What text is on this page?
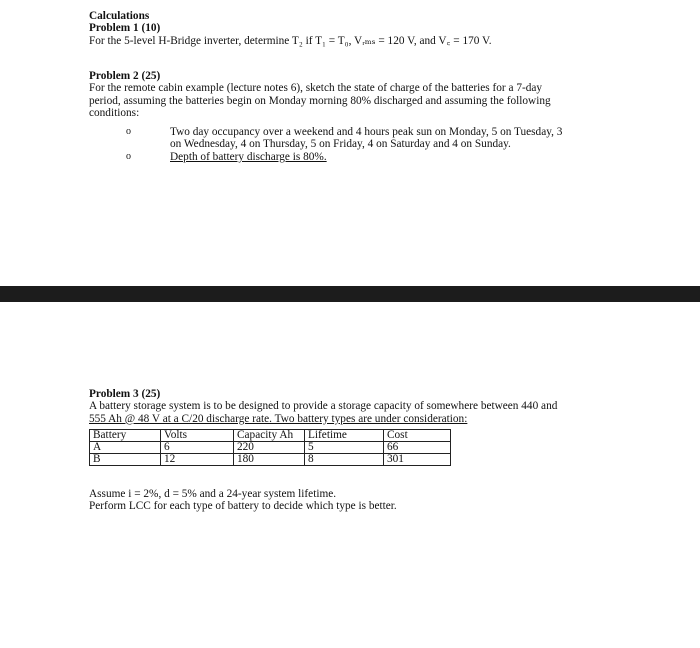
Calculations

Problem 1 (10)

For the 5-level H-Bridge inverter, determine T₂ if T₁ = T₀, Vᵣₘₛ = 120 V, and V꜀ = 170 V.

Problem 2 (25)

For the remote cabin example (lecture notes 6), sketch the state of charge of the batteries for a 7-day

period, assuming the batteries begin on Monday morning 80% discharged and assuming the following

conditions:

o	Two day occupancy over a weekend and 4 hours peak sun on Monday, 5 on Tuesday, 3

on Wednesday, 4 on Thursday, 5 on Friday, 4 on Saturday and 4 on Sunday.

o	Depth of battery discharge is 80%.

Problem 3 (25)

A battery storage system is to be designed to provide a storage capacity of somewhere between 440 and

555 Ah @ 48 V at a C/20 discharge rate. Two battery types are under consideration:

Battery	Volts	Capacity Ah	Lifetime	Cost
A	6	220	5	66
B	12	180	8	301

Assume i = 2%, d = 5% and a 24-year system lifetime.

Perform LCC for each type of battery to decide which type is better.
